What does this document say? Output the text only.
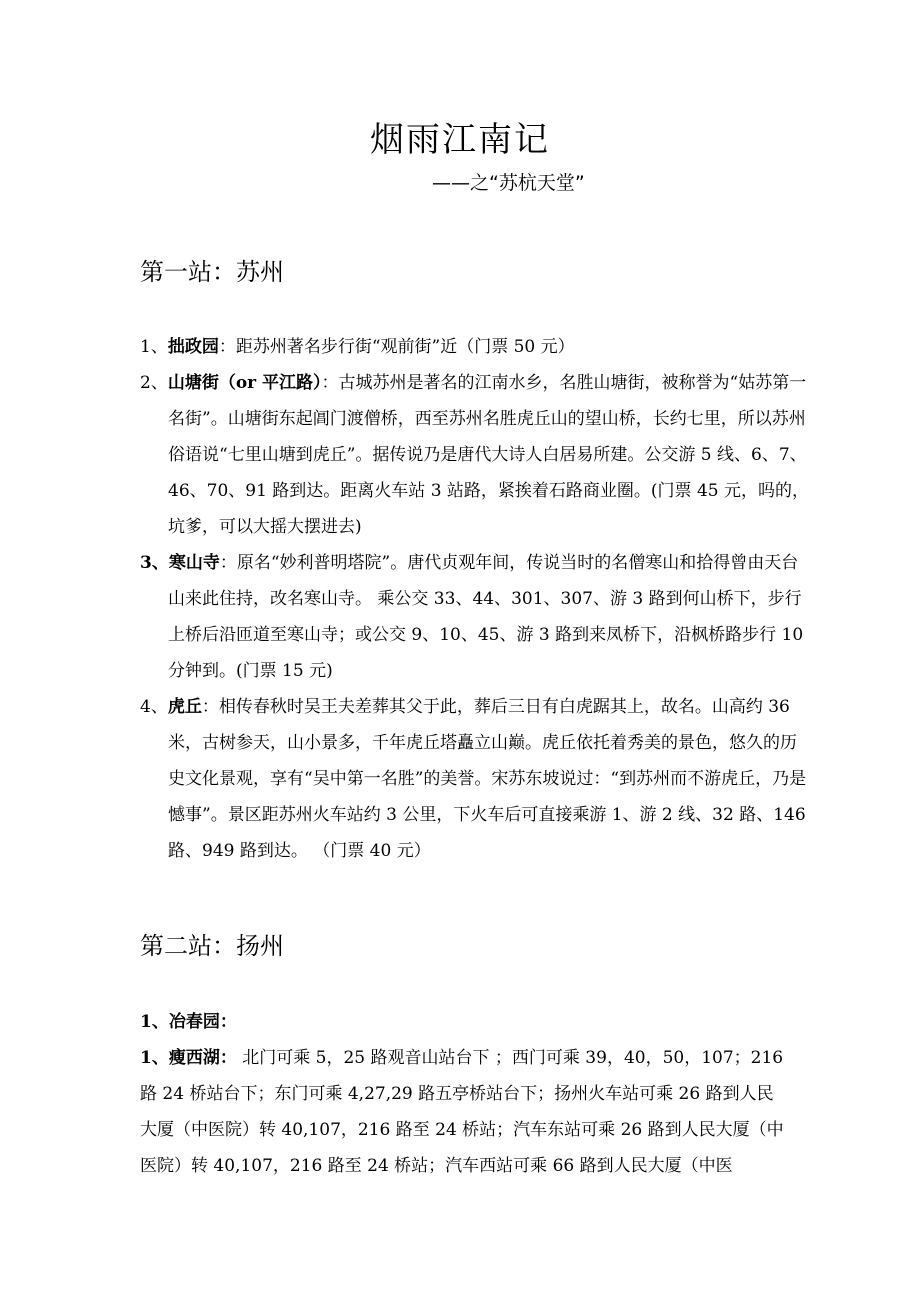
烟雨江南记
——之“苏杭天堂”
第一站：苏州

1、拙政园：距苏州著名步行街“观前街”近（门票 50 元）

2、山塘街（or 平江路）：古城苏州是著名的江南水乡，名胜山塘街，被称誉为“姑苏第一名街”。山塘街东起阊门渡僧桥，西至苏州名胜虎丘山的望山桥，长约七里，所以苏州俗语说“七里山塘到虎丘”。据传说乃是唐代大诗人白居易所建。公交游 5 线、6、7、46、70、91 路到达。距离火车站 3 站路，紧挨着石路商业圈。(门票 45 元，吗的，坑爹，可以大摇大摆进去)

3、寒山寺：原名“妙利普明塔院”。唐代贞观年间，传说当时的名僧寒山和拾得曾由天台山来此住持，改名寒山寺。 乘公交 33、44、301、307、游 3 路到何山桥下，步行上桥后沿匝道至寒山寺；或公交 9、10、45、游 3 路到来凤桥下，沿枫桥路步行 10 分钟到。(门票 15 元)

4、虎丘：相传春秋时吴王夫差葬其父于此，葬后三日有白虎踞其上，故名。山高约 36 米，古树参天，山小景多，千年虎丘塔矗立山巅。虎丘依托着秀美的景色，悠久的历史文化景观，享有“吴中第一名胜”的美誉。宋苏东坡说过：“到苏州而不游虎丘，乃是憾事”。景区距苏州火车站约 3 公里，下火车后可直接乘游 1、游 2 线、32 路、146 路、949 路到达。 （门票 40 元）

第二站：扬州

1、冶春园：

1、瘦西湖： 北门可乘 5，25 路观音山站台下 ；西门可乘 39，40，50，107；216 路 24 桥站台下；东门可乘 4,27,29 路五亭桥站台下；扬州火车站可乘 26 路到人民大厦（中医院）转 40,107，216 路至 24 桥站；汽车东站可乘 26 路到人民大厦（中医院）转 40,107，216 路至 24 桥站；汽车西站可乘 66 路到人民大厦（中医
